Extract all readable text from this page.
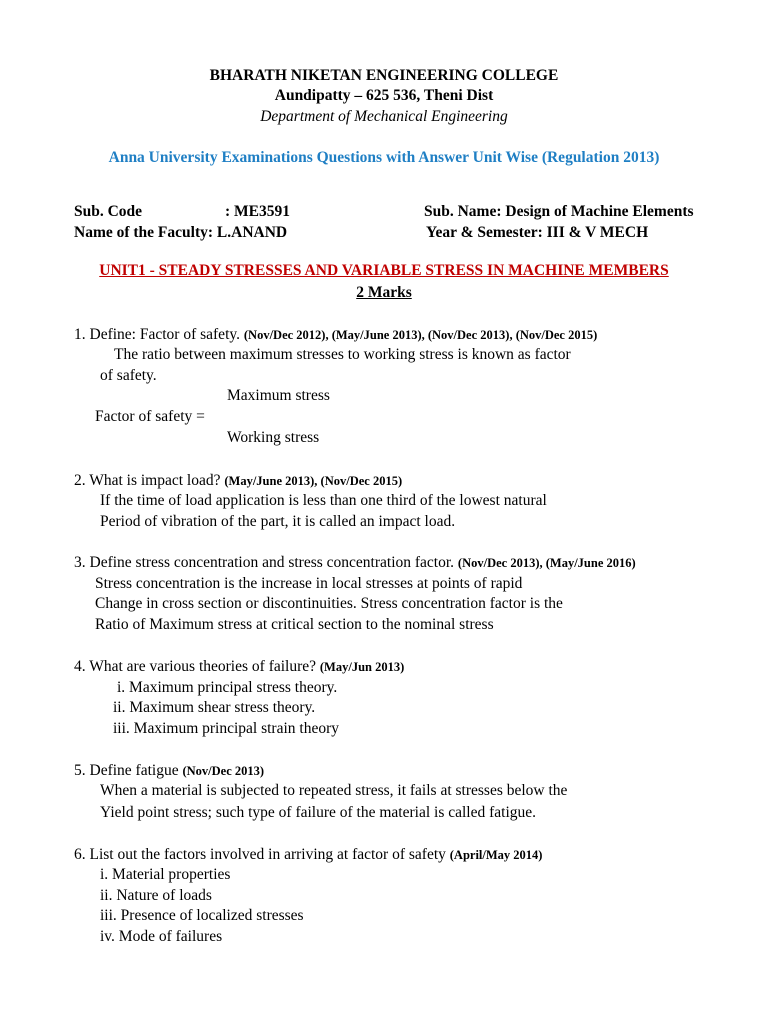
BHARATH NIKETAN ENGINEERING COLLEGE
Aundipatty – 625 536, Theni Dist
Department of Mechanical Engineering
Anna University Examinations Questions with Answer Unit Wise (Regulation 2013)
Sub. Code	: ME3591	Sub. Name: Design of Machine Elements
Name of the Faculty: L.ANAND	Year & Semester: III & V MECH
UNIT1 - STEADY STRESSES AND VARIABLE STRESS IN MACHINE MEMBERS
2 Marks
1. Define: Factor of safety. (Nov/Dec 2012), (May/June 2013), (Nov/Dec 2013), (Nov/Dec 2015)
The ratio between maximum stresses to working stress is known as factor
of safety.
Maximum stress
Factor of safety =
Working stress
2. What is impact load? (May/June 2013), (Nov/Dec 2015)
If the time of load application is less than one third of the lowest natural
Period of vibration of the part, it is called an impact load.
3. Define stress concentration and stress concentration factor. (Nov/Dec 2013), (May/June 2016)
Stress concentration is the increase in local stresses at points of rapid
Change in cross section or discontinuities. Stress concentration factor is the
Ratio of Maximum stress at critical section to the nominal stress
4. What are various theories of failure? (May/Jun 2013)
i. Maximum principal stress theory.
ii. Maximum shear stress theory.
iii. Maximum principal strain theory
5. Define fatigue (Nov/Dec 2013)
When a material is subjected to repeated stress, it fails at stresses below the
Yield point stress; such type of failure of the material is called fatigue.
6. List out the factors involved in arriving at factor of safety (April/May 2014)
i. Material properties
ii. Nature of loads
iii. Presence of localized stresses
iv. Mode of failures
